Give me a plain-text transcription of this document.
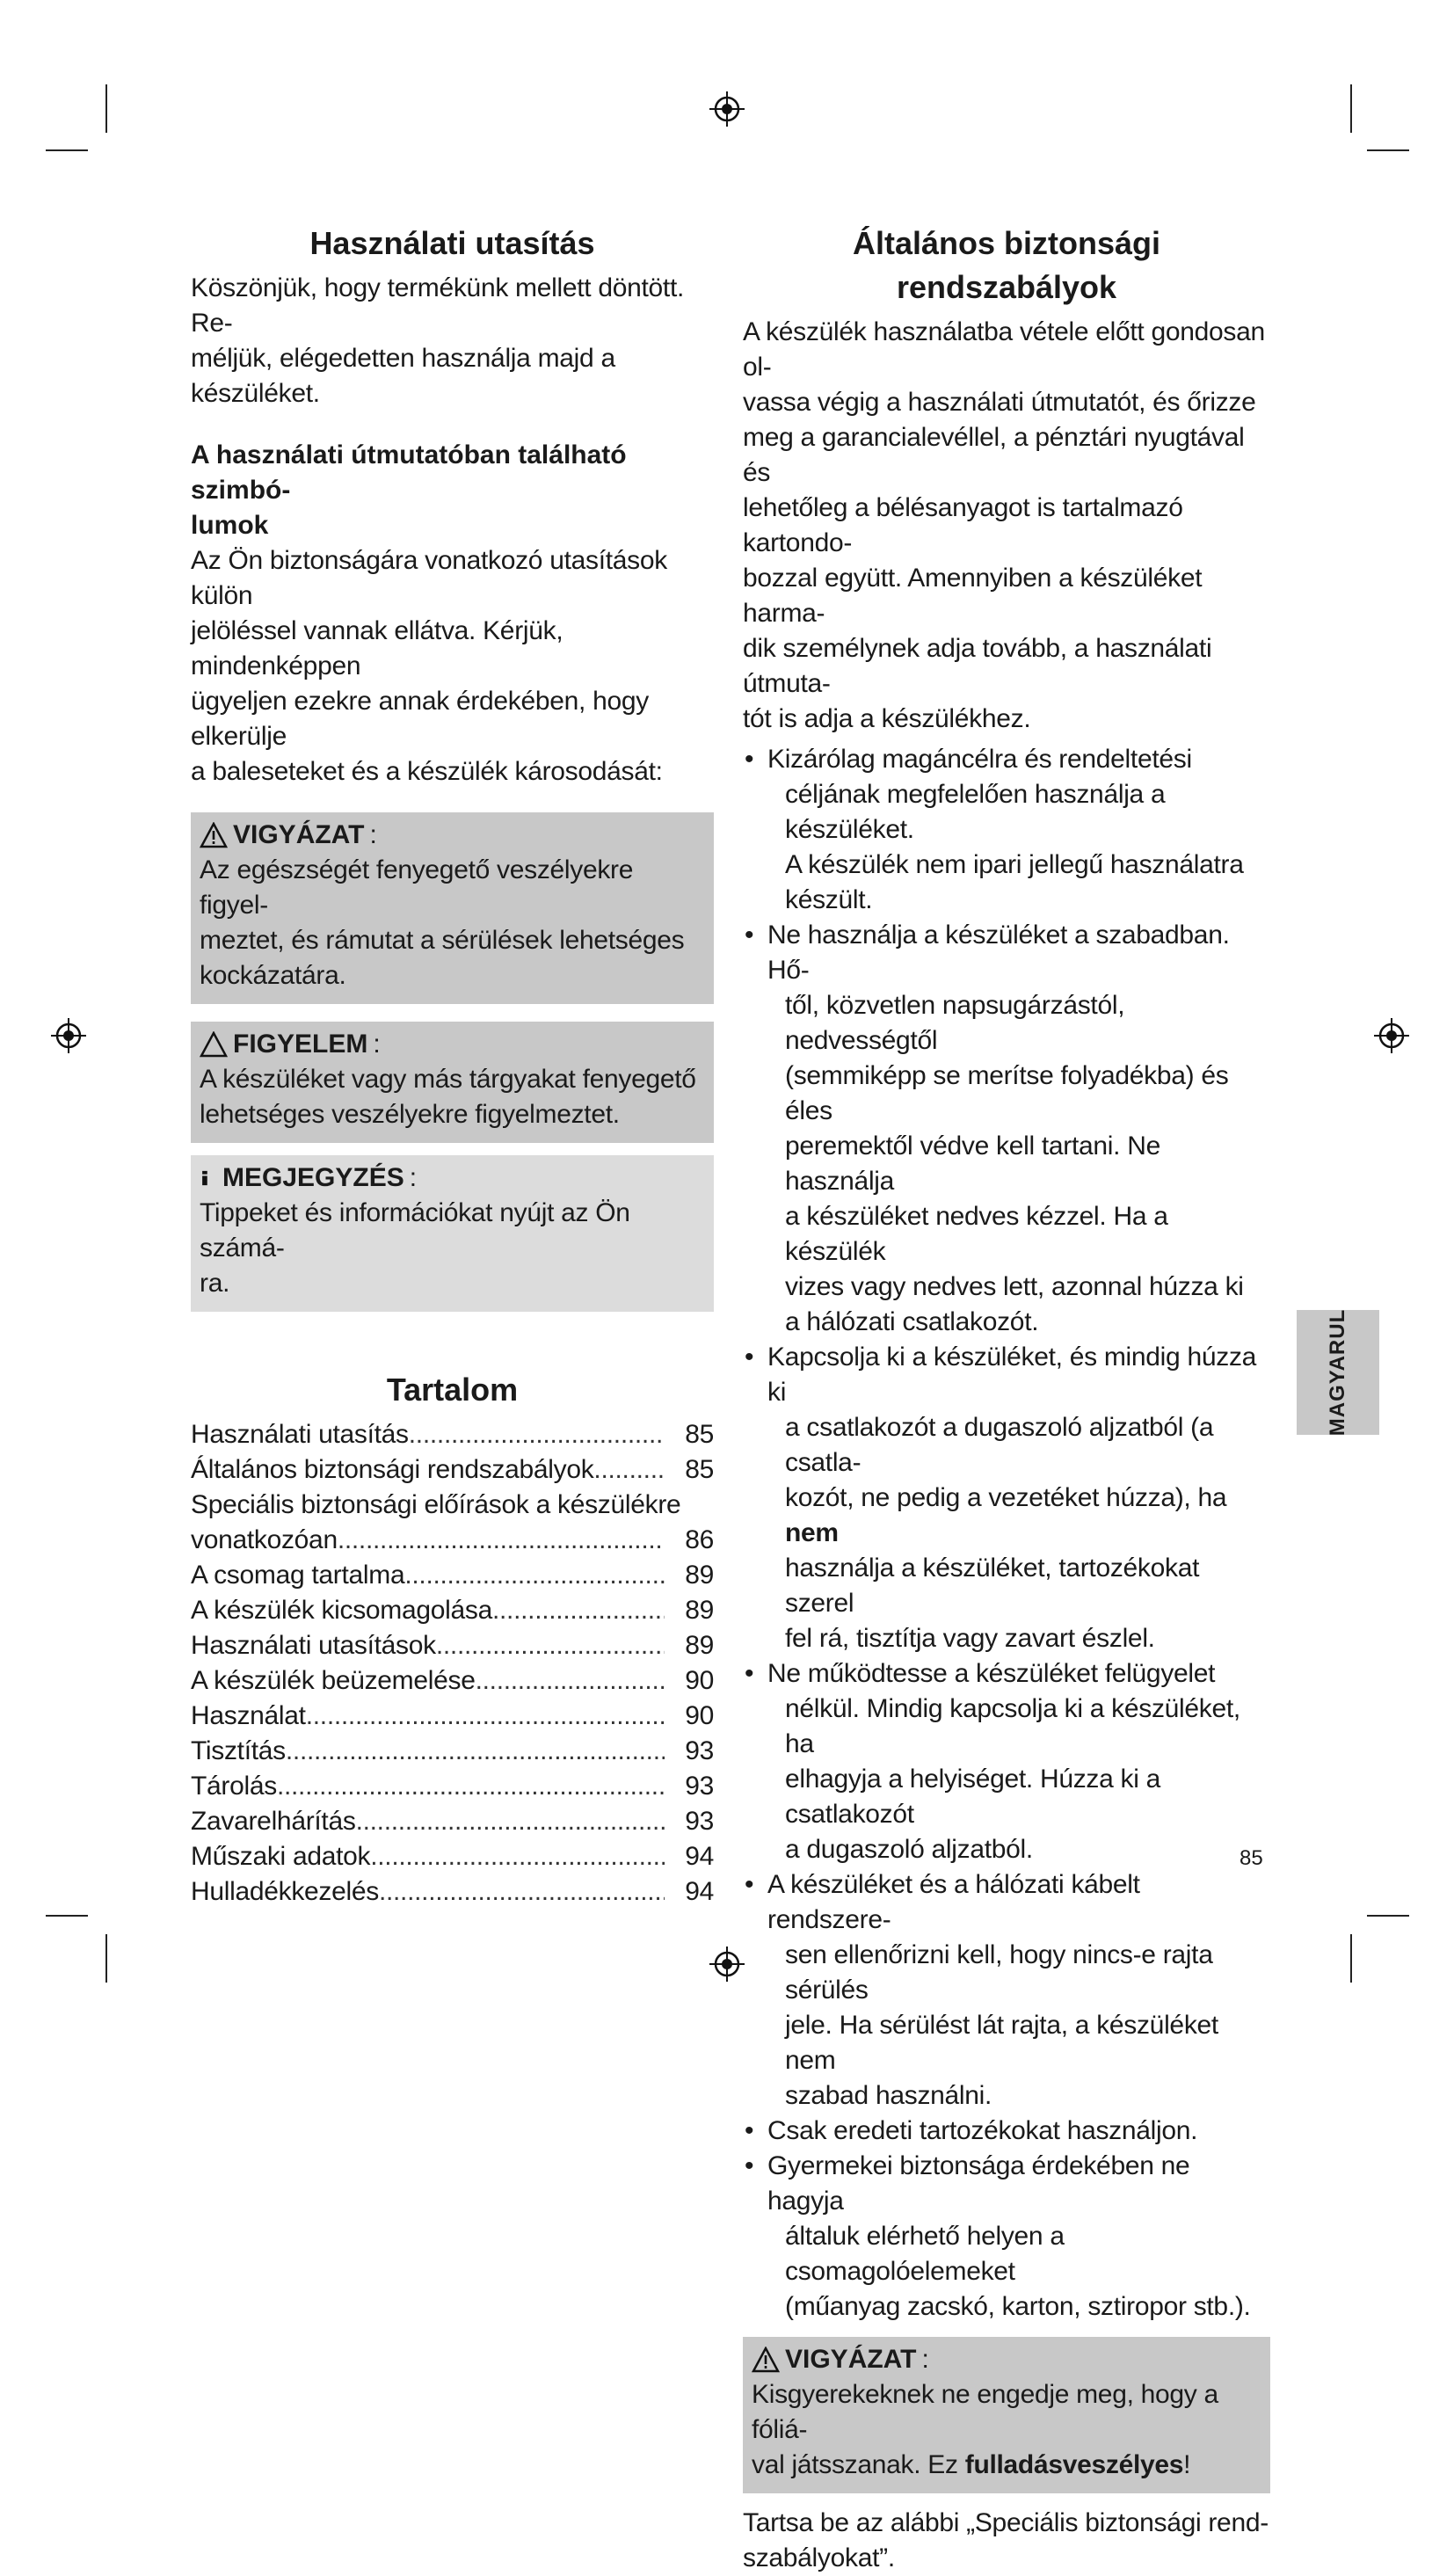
Használati utasítás

Köszönjük, hogy termékünk mellett döntött. Re-

méljük, elégedetten használja majd a készüléket.

A használati útmutatóban található szimbó-
lumok

Az Ön biztonságára vonatkozó utasítások külön

jelöléssel vannak ellátva. Kérjük, mindenképpen

ügyeljen ezekre annak érdekében, hogy elkerülje

a baleseteket és a készülék károsodását:

VIGYÁZAT :

Az egészségét fenyegető veszélyekre figyel-

meztet, és rámutat a sérülések lehetséges

kockázatára.

FIGYELEM :

A készüléket vagy más tárgyakat fenyegető

lehetséges veszélyekre figyelmeztet.

MEGJEGYZÉS :

Tippeket és információkat nyújt az Ön számá-

ra.

Tartalom
Használati utasítás .....	85
Általános biztonsági rendszabályok .....	85
Speciális biztonsági előírások a készülékre
vonatkozóan .....	86
A csomag tartalma .....	89
A készülék kicsomagolása .....	89
Használati utasítások .....	89
A készülék beüzemelése .....	90
Használat .....	90
Tisztítás .....	93
Tárolás .....	93
Zavarelhárítás .....	93
Műszaki adatok .....	94
Hulladékkezelés .....	94
Általános biztonsági rendszabályok

A készülék használatba vétele előtt gondosan ol-

vassa végig a használati útmutatót, és őrizze

meg a garancialevéllel, a pénztári nyugtával és

lehetőleg a bélésanyagot is tartalmazó kartondo-

bozzal együtt. Amennyiben a készüléket harma-

dik személynek adja tovább, a használati útmuta-

tót is adja a készülékhez.

• Kizárólag magáncélra és rendeltetési
céljának megfelelően használja a készüléket.
A készülék nem ipari jellegű használatra
készült.
• Ne használja a készüléket a szabadban. Hő-
től, közvetlen napsugárzástól, nedvességtől
(semmiképp se merítse folyadékba) és éles
peremektől védve kell tartani. Ne használja
a készüléket nedves kézzel. Ha a készülék
vizes vagy nedves lett, azonnal húzza ki
a hálózati csatlakozót.
• Kapcsolja ki a készüléket, és mindig húzza ki
a csatlakozót a dugaszoló aljzatból (a csatla-
kozót, ne pedig a vezetéket húzza), ha nem
használja a készüléket, tartozékokat szerel
fel rá, tisztítja vagy zavart észlel.
• Ne működtesse a készüléket felügyelet
nélkül. Mindig kapcsolja ki a készüléket, ha
elhagyja a helyiséget. Húzza ki a csatlakozót
a dugaszoló aljzatból.
• A készüléket és a hálózati kábelt rendszere-
sen ellenőrizni kell, hogy nincs-e rajta sérülés
jele. Ha sérülést lát rajta, a készüléket nem
szabad használni.
• Csak eredeti tartozékokat használjon.
• Gyermekei biztonsága érdekében ne hagyja
általuk elérhető helyen a csomagolóelemeket
(műanyag zacskó, karton, sztiropor stb.).
VIGYÁZAT :

Kisgyerekeknek ne engedje meg, hogy a fóliá-

val játsszanak. Ez fulladásveszélyes!

Tartsa be az alábbi „Speciális biztonsági rend-

szabályokat”.

MAGYARUL
85
